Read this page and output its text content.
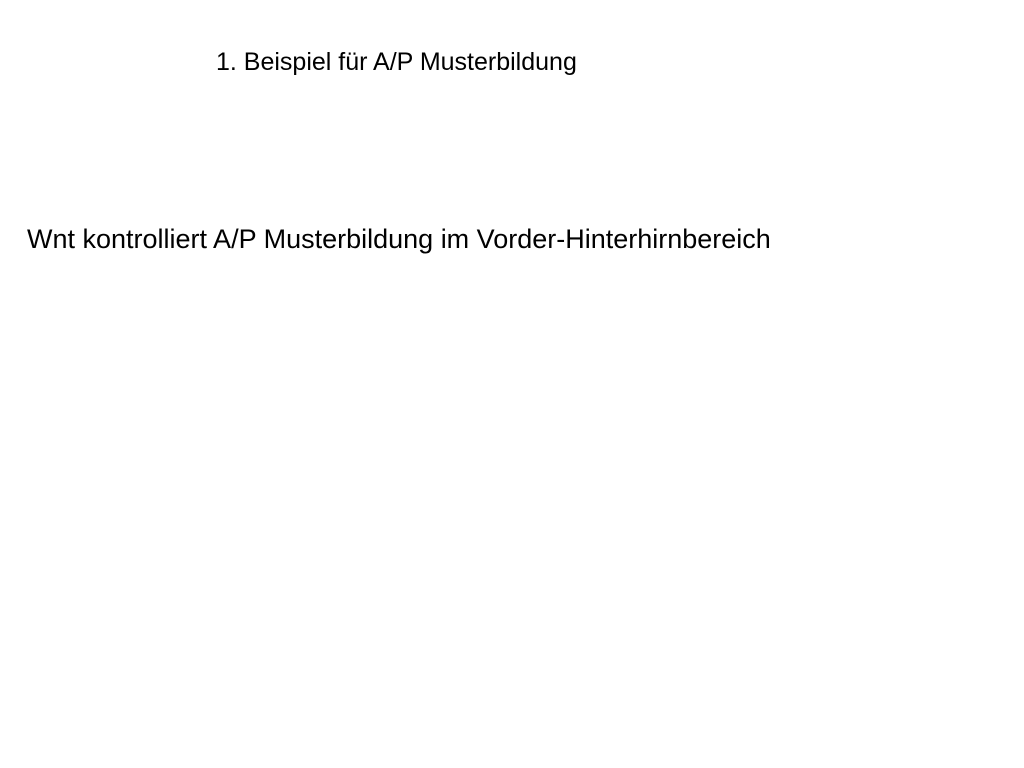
1. Beispiel für A/P Musterbildung
Wnt kontrolliert A/P Musterbildung im Vorder-Hinterhirnbereich
